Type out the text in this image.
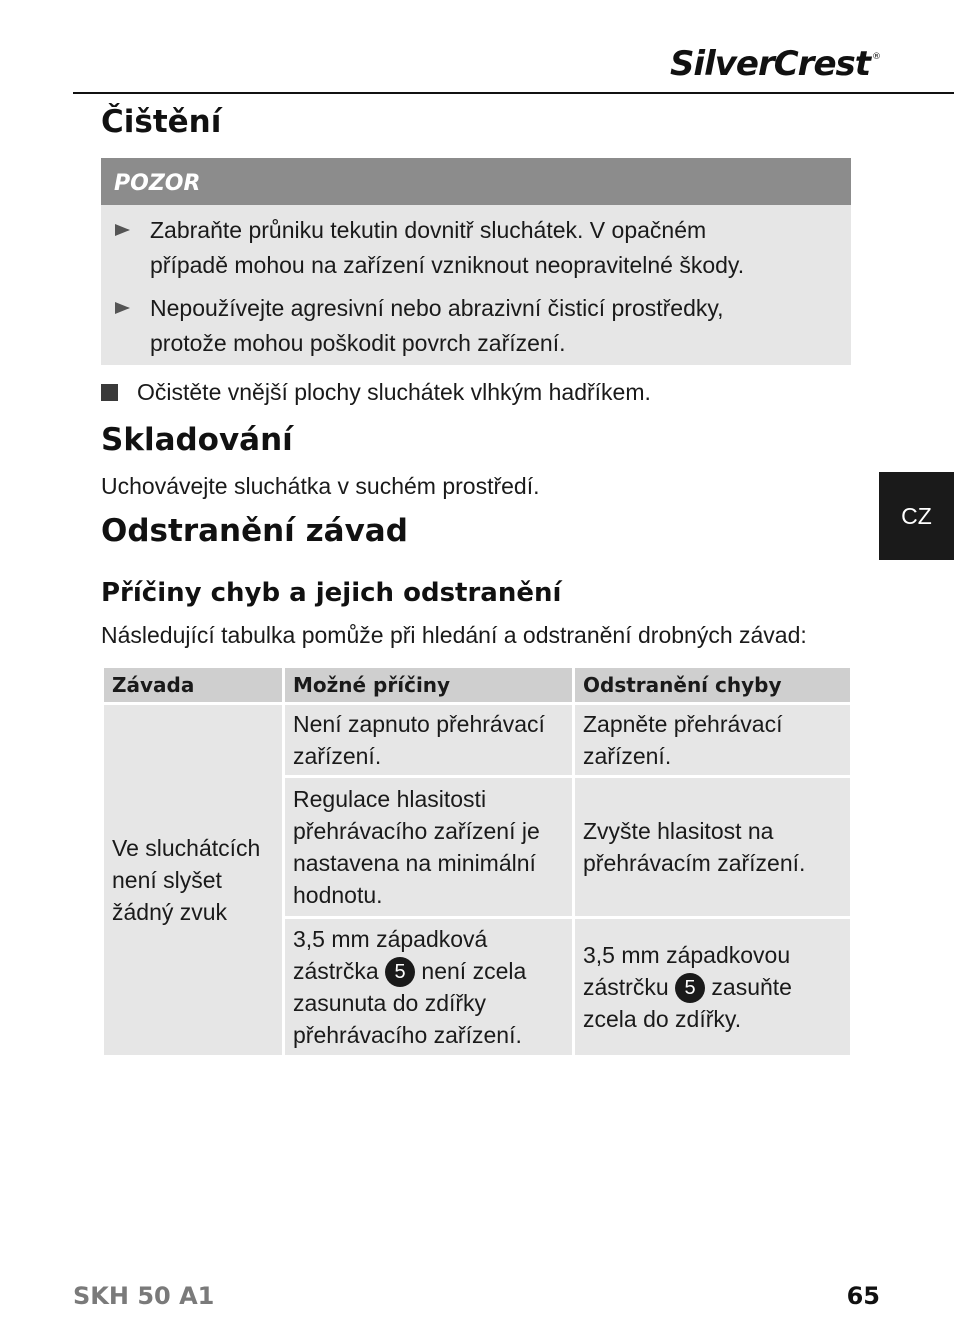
SilverCrest ®
Čištění
POZOR
Zabraňte průniku tekutin dovnitř sluchátek. V opačném
případě mohou na zařízení vzniknout neopravitelné škody.
Nepoužívejte agresivní nebo abrazivní čisticí prostředky,
protože mohou poškodit povrch zařízení.
Očistěte vnější plochy sluchátek vlhkým hadříkem.
Skladování

Uchovávejte sluchátka v suchém prostředí.

CZ
Odstranění závad
Příčiny chyb a jejich odstranění

Následující tabulka pomůže při hledání a odstranění drobných závad:

Závada	Možné příčiny	Odstranění chyby
Ve sluchátcích není slyšet žádný zvuk	Není zapnuto přehrávací zařízení.	Zapněte přehrávací zařízení.
	Regulace hlasitosti přehrávacího zařízení je nastavena na minimální hodnotu.	Zvyšte hlasitost na přehrávacím zařízení.
	3,5 mm západková zástrčka 5 není zcela zasunuta do zdířky přehrávacího zařízení.	3,5 mm západkovou zástrčku 5 zasuňte zcela do zdířky.
SKH 50 A1	65
